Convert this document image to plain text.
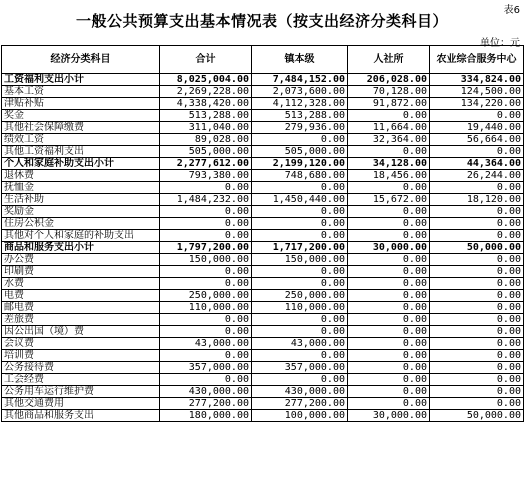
表6
一般公共预算支出基本情况表（按支出经济分类科目）
单位：元
经济分类科目	合计	镇本级	人社所	农业综合服务中心
工资福利支出小计	8,025,004.00	7,484,152.00	206,028.00	334,824.00
基本工资	2,269,228.00	2,073,600.00	70,128.00	124,500.00
津贴补贴	4,338,420.00	4,112,328.00	91,872.00	134,220.00
奖金	513,288.00	513,288.00	0.00	0.00
其他社会保障缴费	311,040.00	279,936.00	11,664.00	19,440.00
绩效工资	89,028.00	0.00	32,364.00	56,664.00
其他工资福利支出	505,000.00	505,000.00	0.00	0.00
个人和家庭补助支出小计	2,277,612.00	2,199,120.00	34,128.00	44,364.00
退休费	793,380.00	748,680.00	18,456.00	26,244.00
抚恤金	0.00	0.00	0.00	0.00
生活补助	1,484,232.00	1,450,440.00	15,672.00	18,120.00
奖励金	0.00	0.00	0.00	0.00
住房公积金	0.00	0.00	0.00	0.00
其他对个人和家庭的补助支出	0.00	0.00	0.00	0.00
商品和服务支出小计	1,797,200.00	1,717,200.00	30,000.00	50,000.00
办公费	150,000.00	150,000.00	0.00	0.00
印刷费	0.00	0.00	0.00	0.00
水费	0.00	0.00	0.00	0.00
电费	250,000.00	250,000.00	0.00	0.00
邮电费	110,000.00	110,000.00	0.00	0.00
差旅费	0.00	0.00	0.00	0.00
因公出国（境）费	0.00	0.00	0.00	0.00
会议费	43,000.00	43,000.00	0.00	0.00
培训费	0.00	0.00	0.00	0.00
公务接待费	357,000.00	357,000.00	0.00	0.00
工会经费	0.00	0.00	0.00	0.00
公务用车运行维护费	430,000.00	430,000.00	0.00	0.00
其他交通费用	277,200.00	277,200.00	0.00	0.00
其他商品和服务支出	180,000.00	100,000.00	30,000.00	50,000.00
